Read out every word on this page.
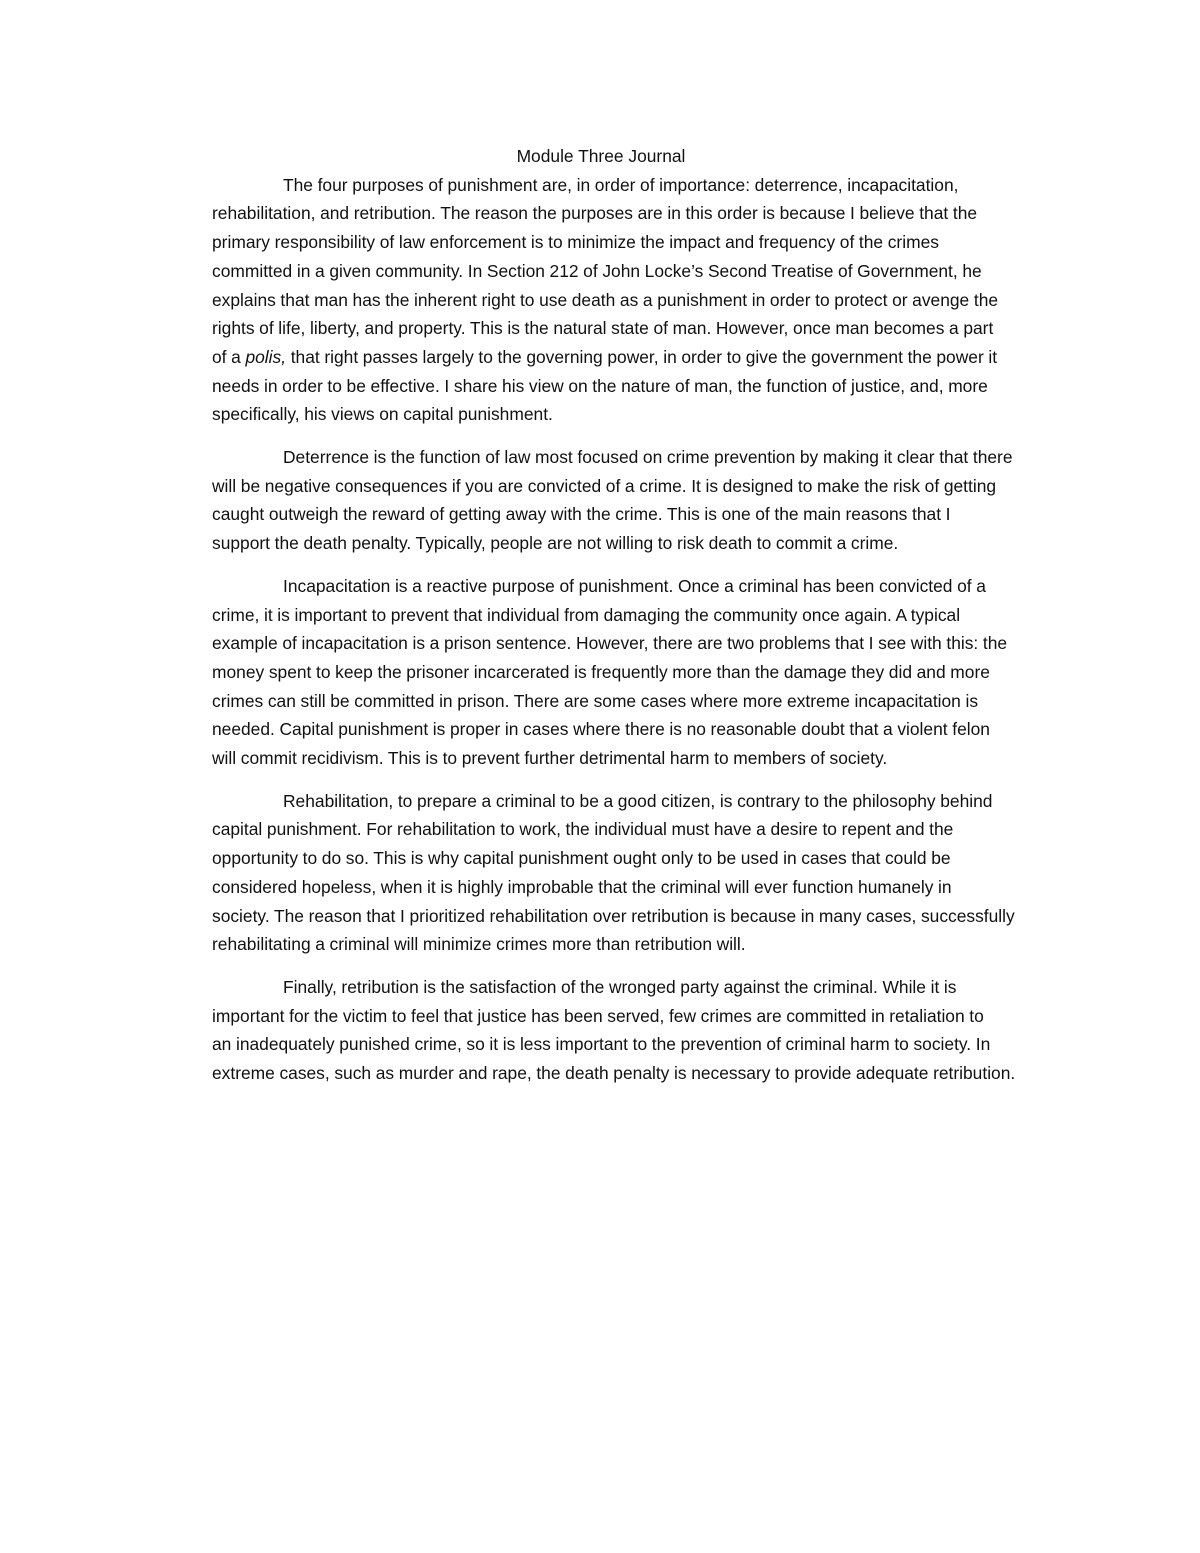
Module Three Journal
The four purposes of punishment are, in order of importance: deterrence, incapacitation,
rehabilitation, and retribution. The reason the purposes are in this order is because I believe that the
primary responsibility of law enforcement is to minimize the impact and frequency of the crimes
committed in a given community. In Section 212 of John Locke’s Second Treatise of Government, he
explains that man has the inherent right to use death as a punishment in order to protect or avenge the
rights of life, liberty, and property. This is the natural state of man. However, once man becomes a part
of a polis, that right passes largely to the governing power, in order to give the government the power it
needs in order to be effective. I share his view on the nature of man, the function of justice, and, more
specifically, his views on capital punishment.
Deterrence is the function of law most focused on crime prevention by making it clear that there
will be negative consequences if you are convicted of a crime. It is designed to make the risk of getting
caught outweigh the reward of getting away with the crime. This is one of the main reasons that I
support the death penalty. Typically, people are not willing to risk death to commit a crime.
Incapacitation is a reactive purpose of punishment. Once a criminal has been convicted of a
crime, it is important to prevent that individual from damaging the community once again. A typical
example of incapacitation is a prison sentence. However, there are two problems that I see with this: the
money spent to keep the prisoner incarcerated is frequently more than the damage they did and more
crimes can still be committed in prison. There are some cases where more extreme incapacitation is
needed. Capital punishment is proper in cases where there is no reasonable doubt that a violent felon
will commit recidivism. This is to prevent further detrimental harm to members of society.
Rehabilitation, to prepare a criminal to be a good citizen, is contrary to the philosophy behind
capital punishment. For rehabilitation to work, the individual must have a desire to repent and the
opportunity to do so. This is why capital punishment ought only to be used in cases that could be
considered hopeless, when it is highly improbable that the criminal will ever function humanely in
society. The reason that I prioritized rehabilitation over retribution is because in many cases, successfully
rehabilitating a criminal will minimize crimes more than retribution will.
Finally, retribution is the satisfaction of the wronged party against the criminal. While it is
important for the victim to feel that justice has been served, few crimes are committed in retaliation to
an inadequately punished crime, so it is less important to the prevention of criminal harm to society. In
extreme cases, such as murder and rape, the death penalty is necessary to provide adequate retribution.
